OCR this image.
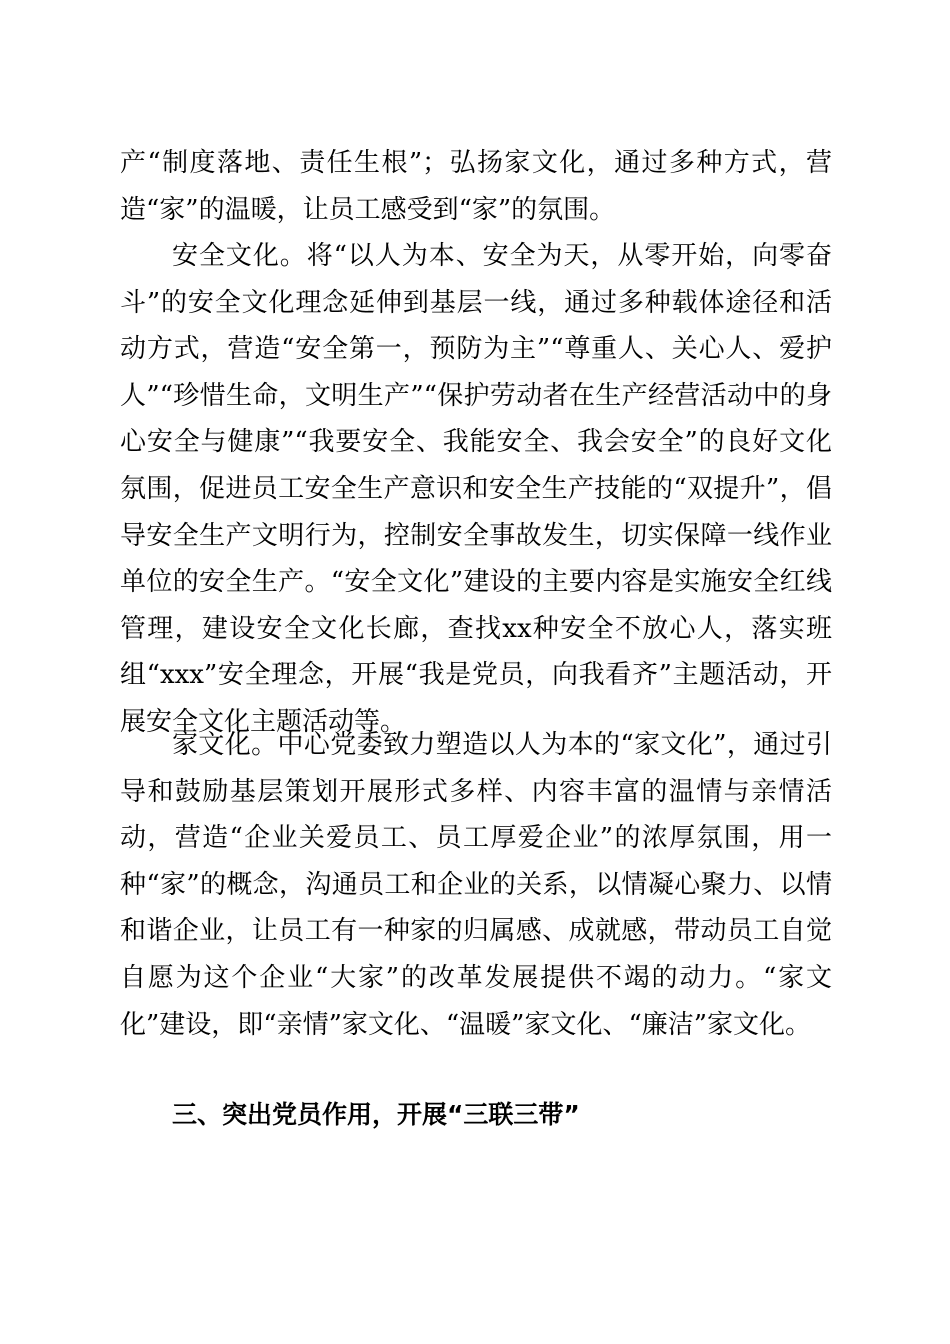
产“制度落地、责任生根”；弘扬家文化，通过多种方式，营造“家”的温暖，让员工感受到“家”的氛围。

安全文化。将“以人为本、安全为天，从零开始，向零奋斗”的安全文化理念延伸到基层一线，通过多种载体途径和活动方式，营造“安全第一，预防为主”“尊重人、关心人、爱护人”“珍惜生命，文明生产”“保护劳动者在生产经营活动中的身心安全与健康”“我要安全、我能安全、我会安全”的良好文化氛围，促进员工安全生产意识和安全生产技能的“双提升”，倡导安全生产文明行为，控制安全事故发生，切实保障一线作业单位的安全生产。“安全文化”建设的主要内容是实施安全红线管理，建设安全文化长廊，查找xx种安全不放心人，落实班组“xxx”安全理念，开展“我是党员，向我看齐”主题活动，开展安全文化主题活动等。

家文化。中心党委致力塑造以人为本的“家文化”，通过引导和鼓励基层策划开展形式多样、内容丰富的温情与亲情活动，营造“企业关爱员工、员工厚爱企业”的浓厚氛围，用一种“家”的概念，沟通员工和企业的关系，以情凝心聚力、以情和谐企业，让员工有一种家的归属感、成就感，带动员工自觉自愿为这个企业“大家”的改革发展提供不竭的动力。“家文化”建设，即“亲情”家文化、“温暖”家文化、“廉洁”家文化。

三、突出党员作用，开展“三联三带”
